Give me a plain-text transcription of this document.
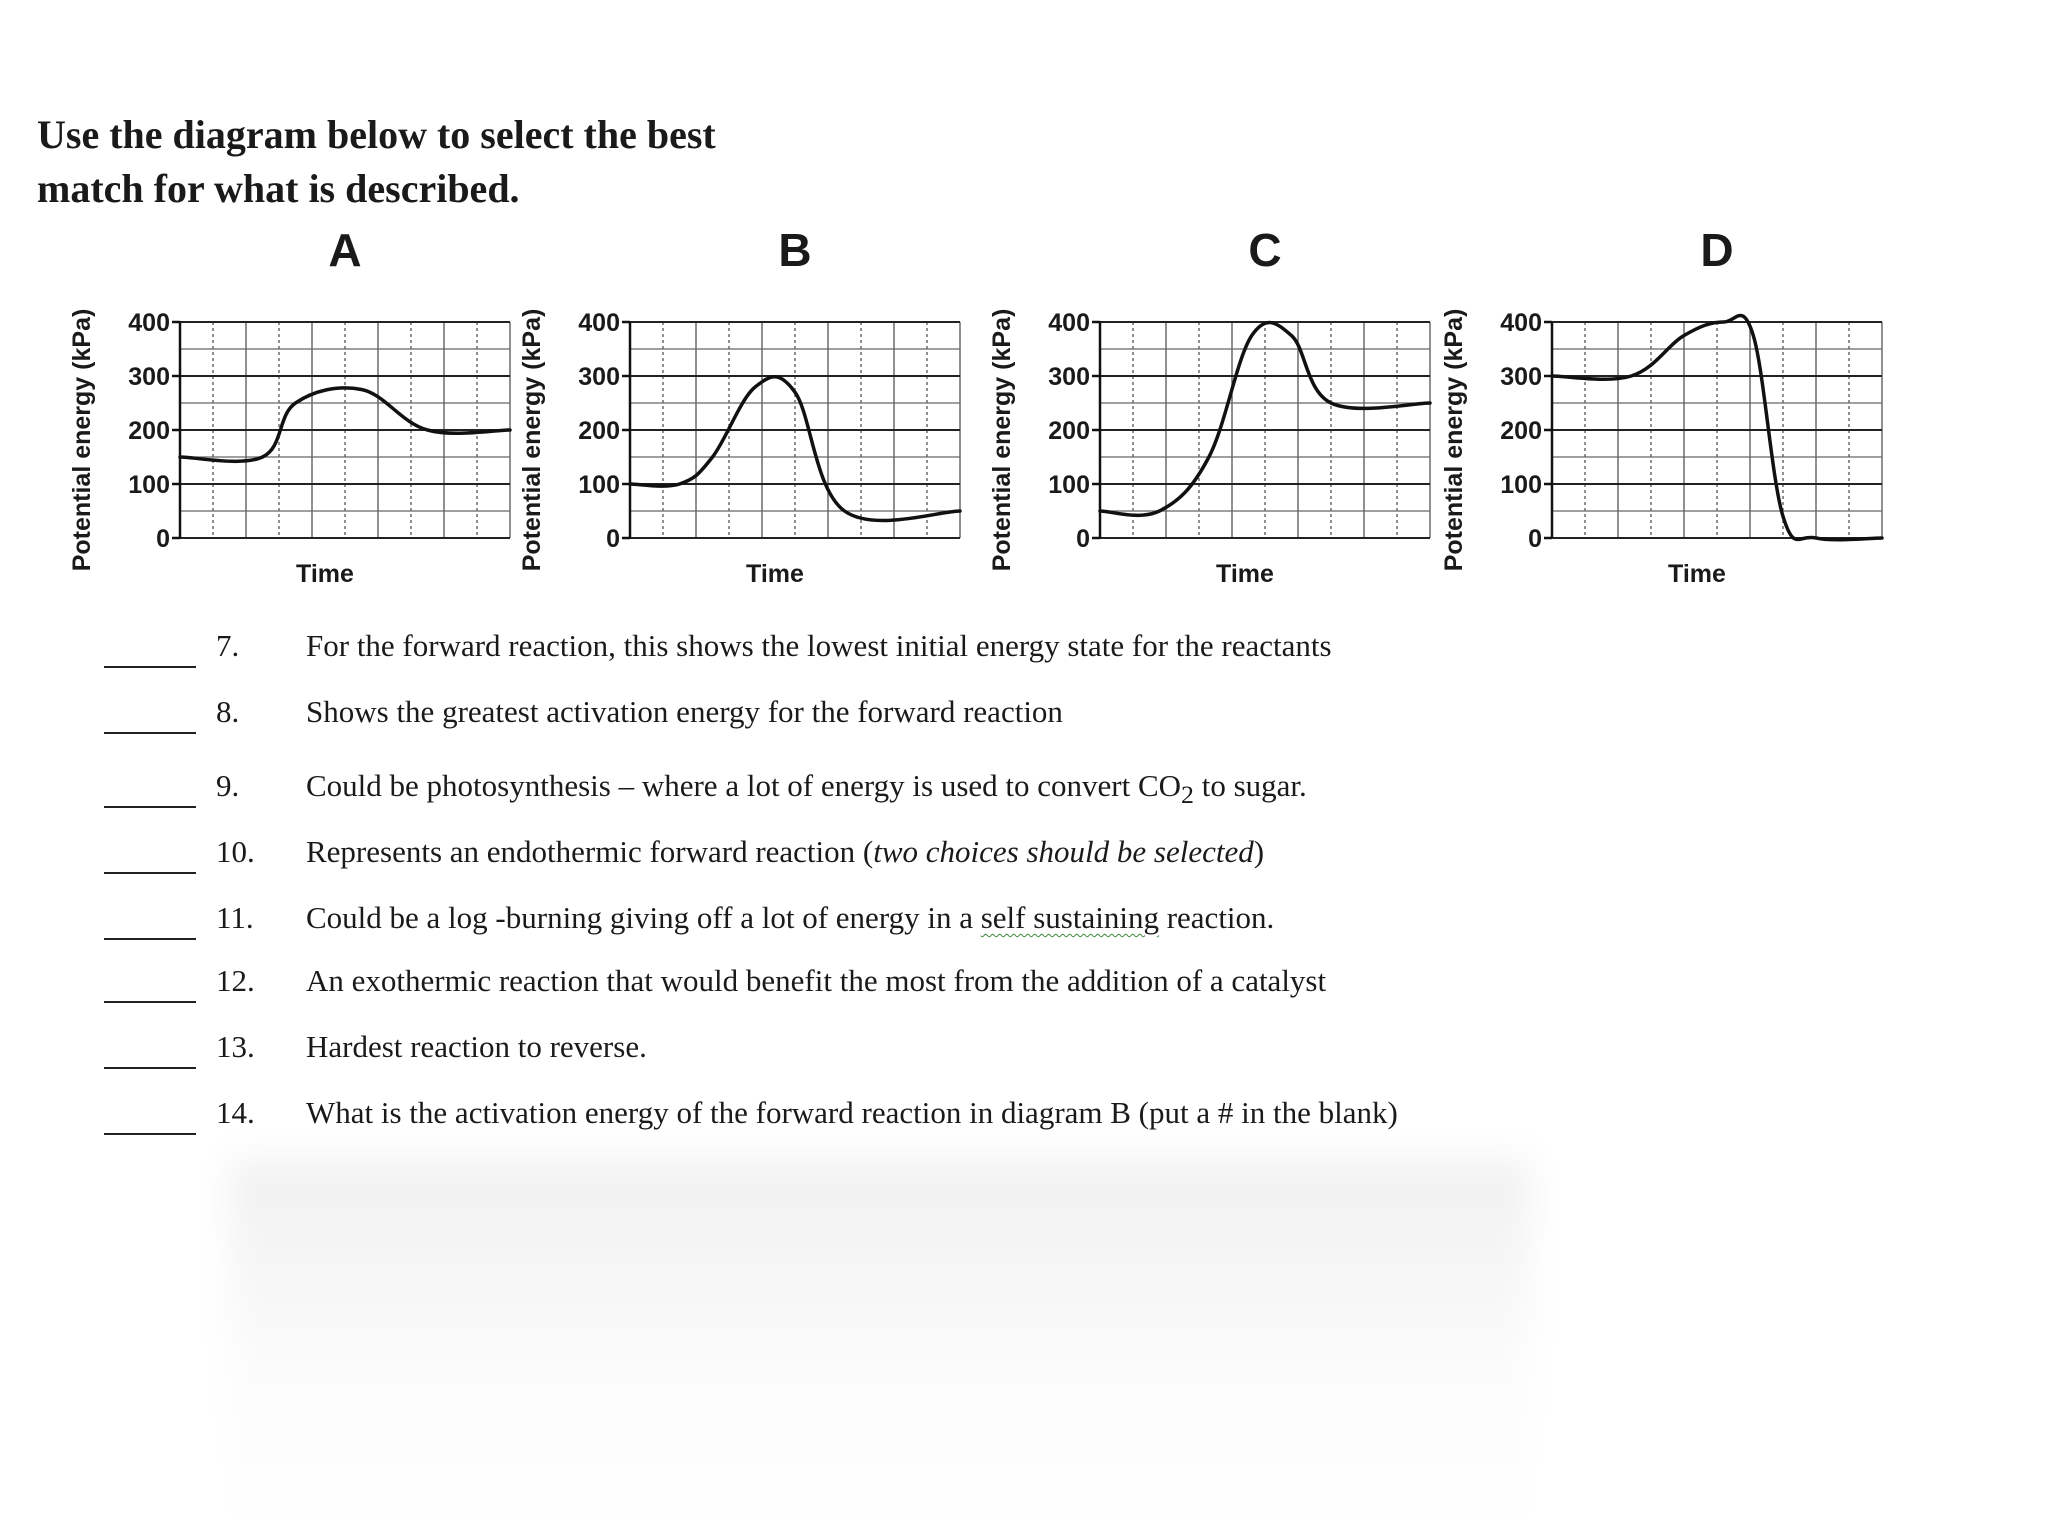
Use the diagram below to select the best
match for what is described.
A
0
100
200
300
400
Potential energy (kPa)
Time
B
0
100
200
300
400
Potential energy (kPa)
Time
C
0
100
200
300
400
Potential energy (kPa)
Time
D
0
100
200
300
400
Potential energy (kPa)
Time
7. For the forward reaction, this shows the lowest initial energy state for the reactants
8. Shows the greatest activation energy for the forward reaction
9. Could be photosynthesis – where a lot of energy is used to convert $CO_2$ to sugar.
10. Represents an endothermic forward reaction (two choices should be selected)
11. Could be a log -burning giving off a lot of energy in a self sustaining reaction.
12. An exothermic reaction that would benefit the most from the addition of a catalyst
13. Hardest reaction to reverse.
14. What is the activation energy of the forward reaction in diagram B (put a # in the blank)
